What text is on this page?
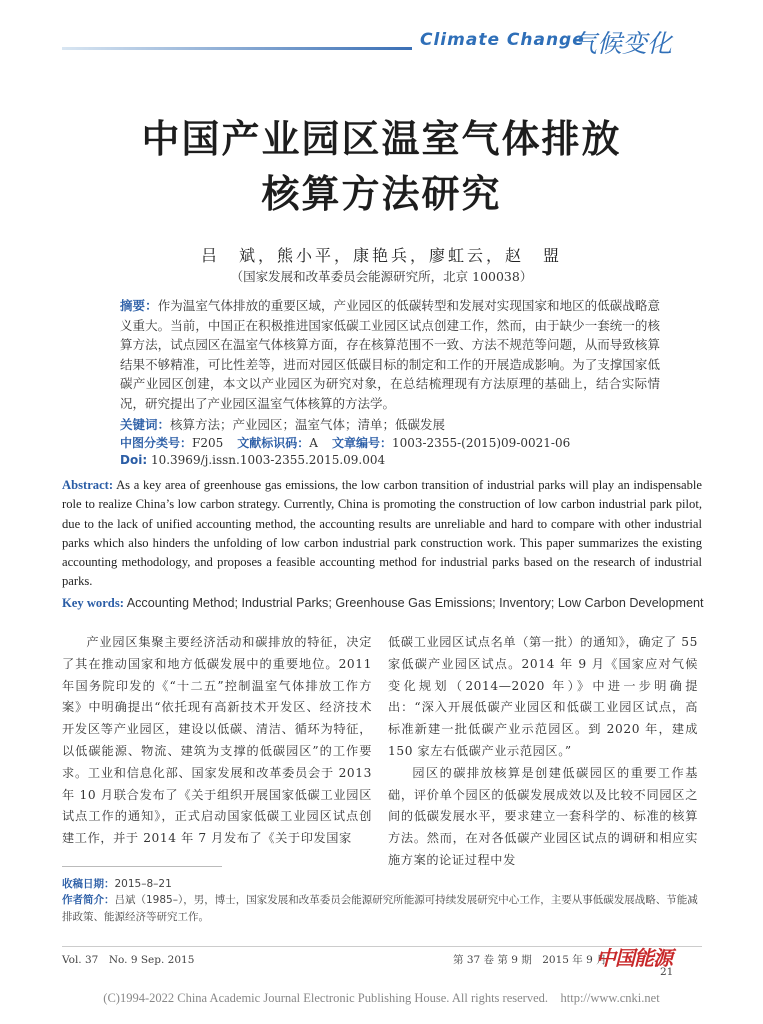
Climate Change
气候变化
中国产业园区温室气体排放
核算方法研究
吕　斌，熊小平，康艳兵，廖虹云，赵　盟
（国家发展和改革委员会能源研究所，北京 100038）
摘要：作为温室气体排放的重要区域，产业园区的低碳转型和发展对实现国家和地区的低碳战略意义重大。当前，中国正在积极推进国家低碳工业园区试点创建工作，然而，由于缺少一套统一的核算方法，试点园区在温室气体核算方面，存在核算范围不一致、方法不规范等问题，从而导致核算结果不够精准，可比性差等，进而对园区低碳目标的制定和工作的开展造成影响。为了支撑国家低碳产业园区创建，本文以产业园区为研究对象，在总结梳理现有方法原理的基础上，结合实际情况，研究提出了产业园区温室气体核算的方法学。
关键词：核算方法；产业园区；温室气体；清单；低碳发展
中图分类号：F205 文献标识码：A 文章编号：1003-2355-(2015)09-0021-06
Doi: 10.3969/j.issn.1003-2355.2015.09.004
Abstract: As a key area of greenhouse gas emissions, the low carbon transition of industrial parks will play an indispensable role to realize China’s low carbon strategy. Currently, China is promoting the construction of low carbon industrial park pilot, due to the lack of unified accounting method, the accounting results are unreliable and hard to compare with other industrial parks which also hinders the unfolding of low carbon industrial park construction work. This paper summarizes the existing accounting methodology, and proposes a feasible accounting method for industrial parks based on the research of industrial parks.
Key words: Accounting Method; Industrial Parks; Greenhouse Gas Emissions; Inventory; Low Carbon Development

产业园区集聚主要经济活动和碳排放的特征，决定了其在推动国家和地方低碳发展中的重要地位。2011 年国务院印发的《“十二五”控制温室气体排放工作方案》中明确提出“依托现有高新技术开发区、经济技术开发区等产业园区，建设以低碳、清洁、循环为特征，以低碳能源、物流、建筑为支撑的低碳园区”的工作要求。工业和信息化部、国家发展和改革委员会于 2013 年 10 月联合发布了《关于组织开展国家低碳工业园区试点工作的通知》，正式启动国家低碳工业园区试点创建工作，并于 2014 年 7 月发布了《关于印发国家

低碳工业园区试点名单（第一批）的通知》，确定了 55 家低碳产业园区试点。2014 年 9 月《国家应对气候变化规划（2014—2020 年）》中进一步明确提出：“深入开展低碳产业园区和低碳工业园区试点，高标准新建一批低碳产业示范园区。到 2020 年，建成 150 家左右低碳产业示范园区。”

园区的碳排放核算是创建低碳园区的重要工作基础，评价单个园区的低碳发展成效以及比较不同园区之间的低碳发展水平，要求建立一套科学的、标准的核算方法。然而，在对各低碳产业园区试点的调研和相应实施方案的论证过程中发

收稿日期：2015–8–21
作者简介：吕斌（1985–），男，博士，国家发展和改革委员会能源研究所能源可持续发展研究中心工作，主要从事低碳发展战略、节能减排政策、能源经济等研究工作。
Vol. 37　No. 9 Sep. 2015	第 37 卷 第 9 期　2015 年 9 月
中国能源
21
(C)1994-2022 China Academic Journal Electronic Publishing House. All rights reserved.　http://www.cnki.net
